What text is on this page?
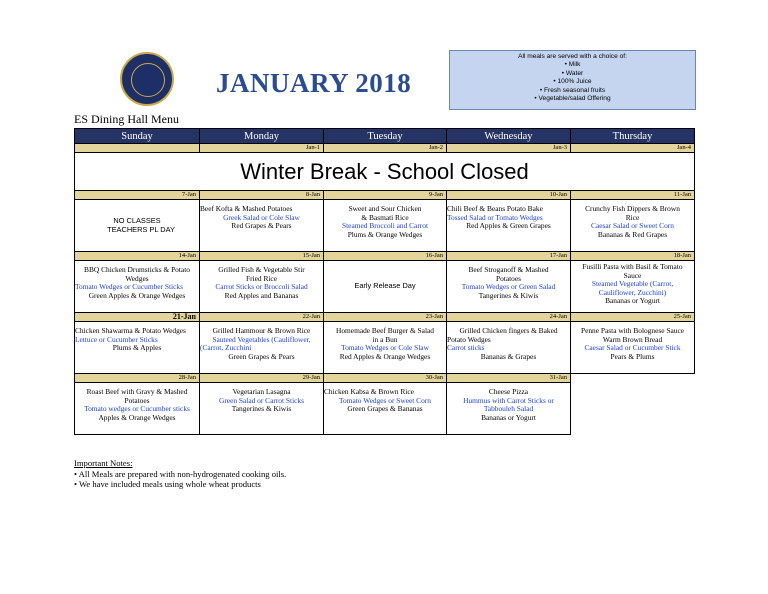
JANUARY 2018
All meals are served with a choice of:
• Milk
• Water
• 100% Juice
• Fresh seasonal fruits
• Vegetable/salad Offering
ES Dining Hall Menu
Sunday	Monday	Tuesday	Wednesday	Thursday
	Jan-1	Jan-2	Jan-3	Jan-4
Winter Break - School Closed				
7-Jan	8-Jan	9-Jan	10-Jan	11-Jan

NO CLASSES
TEACHERS PL DAY	Beef Kofta & Mashed Potatoes
Greek Salad or Cole Slaw
Red Grapes & Pears	Sweet and Sour Chicken
& Basmati Rice
Steamed Broccoli and Carrot
Plums & Orange Wedges	Chili Beef & Beans Potato Bake
Tossed Salad or Tomato Wedges
Red Apples & Green Grapes	Crunchy Fish Dippers & Brown
Rice
Caesar Salad or Sweet Corn
Bananas & Red Grapes

14-Jan	15-Jan	16-Jan	17-Jan	18-Jan

BBQ Chicken Drumsticks & Potato
Wedges
Tomato Wedges or Cucumber Sticks
Green Apples & Orange Wedges	Grilled Fish & Vegetable Stir
Fried Rice
Carrot Sticks or Broccoli Salad
Red Apples and Bananas	Early Release Day	Beef Stroganoff & Mashed
Potatoes
Tomato Wedges or Green Salad
Tangerines & Kiwis	Fusilli Pasta with Basil & Tomato
Sauce
Steamed Vegetable (Carrot,
Cauliflower, Zucchini)
Bananas or Yogurt

21-Jan	22-Jan	23-Jan	24-Jan	25-Jan

Chicken Shawarma & Potato Wedges
Lettuce or Cucumber Sticks
Plums & Apples	Grilled Hammour & Brown Rice
Sauteed Vegetables (Cauliflower,
Carrot, Zucchini)
Green Grapes & Pears	Homemade Beef Burger & Salad
in a Bun
Tomato Wedges or Cole Slaw
Red Apples & Orange Wedges	Grilled Chicken fingers & Baked
Potato Wedges
Carrot sticks
Bananas & Grapes	Penne Pasta with Bolognese Sauce
Warm Brown Bread
Caesar Salad or Cucumber Stick
Pears & Plums

28-Jan	29-Jan	30-Jan	31-Jan	

Roast Beef with Gravy & Mashed
Potatoes
Tomato wedges or Cucumber sticks
Apples & Orange Wedges	Vegetarian Lasagna
Green Salad or Carrot Sticks
Tangerines & Kiwis	Chicken Kabsa & Brown Rice
Tomato Wedges or Sweet Corn
Green Grapes & Bananas	Cheese Pizza
Hummus with Carrot Sticks or
Tabbouleh Salad
Bananas or Yogurt	

Important Notes:
• All Meals are prepared with non-hydrogenated cooking oils.
• We have included meals using whole wheat products
